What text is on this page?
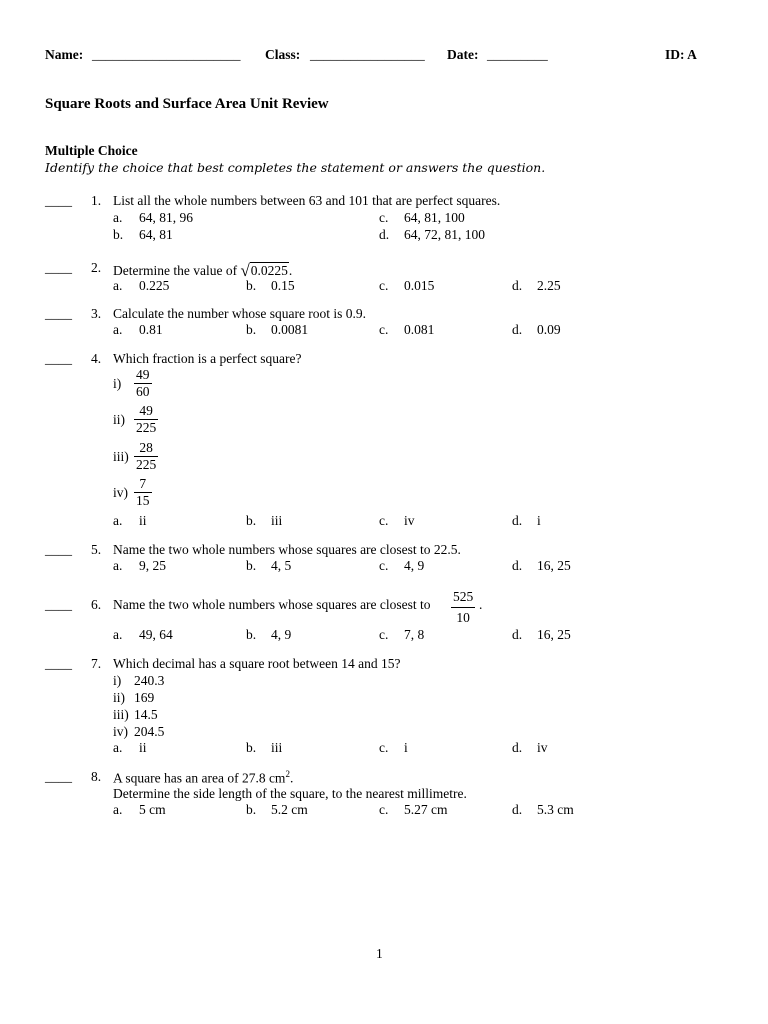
Name: ______________________ Class: _________________ Date: _________	ID: A
Square Roots and Surface Area Unit Review
Multiple Choice
Identify the choice that best completes the statement or answers the question.
____ 1. List all the whole numbers between 63 and 101 that are perfect squares.
a. 64, 81, 96
b. 64, 81
c. 64, 81, 100
d. 64, 72, 81, 100
____ 2. Determine the value of √0.0225.
a. 0.225	b. 0.15	c. 0.015	d. 2.25
____ 3. Calculate the number whose square root is 0.9.
a. 0.81	b. 0.0081	c. 0.081	d. 0.09
____ 4. Which fraction is a perfect square?
$i) \frac{49}{60}$
$ii) \frac{49}{225}$
$iii) \frac{28}{225}$
$iv) \frac{7}{15}$
a. ii	b. iii	c. iv	d. i
____ 5. Name the two whole numbers whose squares are closest to 22.5.
a. 9, 25	b. 4, 5	c. 4, 9	d. 16, 25
____ 6. Name the two whole numbers whose squares are closest to $\frac{525}{10}$ .
a. 49, 64	b. 4, 9	c. 7, 8	d. 16, 25
____ 7. Which decimal has a square root between 14 and 15?
i) 240.3
ii) 169
iii) 14.5
iv) 204.5
a. ii	b. iii	c. i	d. iv
____ 8. A square has an area of 27.8 $cm^2$.
Determine the side length of the square, to the nearest millimetre.
a. 5 cm	b. 5.2 cm	c. 5.27 cm	d. 5.3 cm
1
